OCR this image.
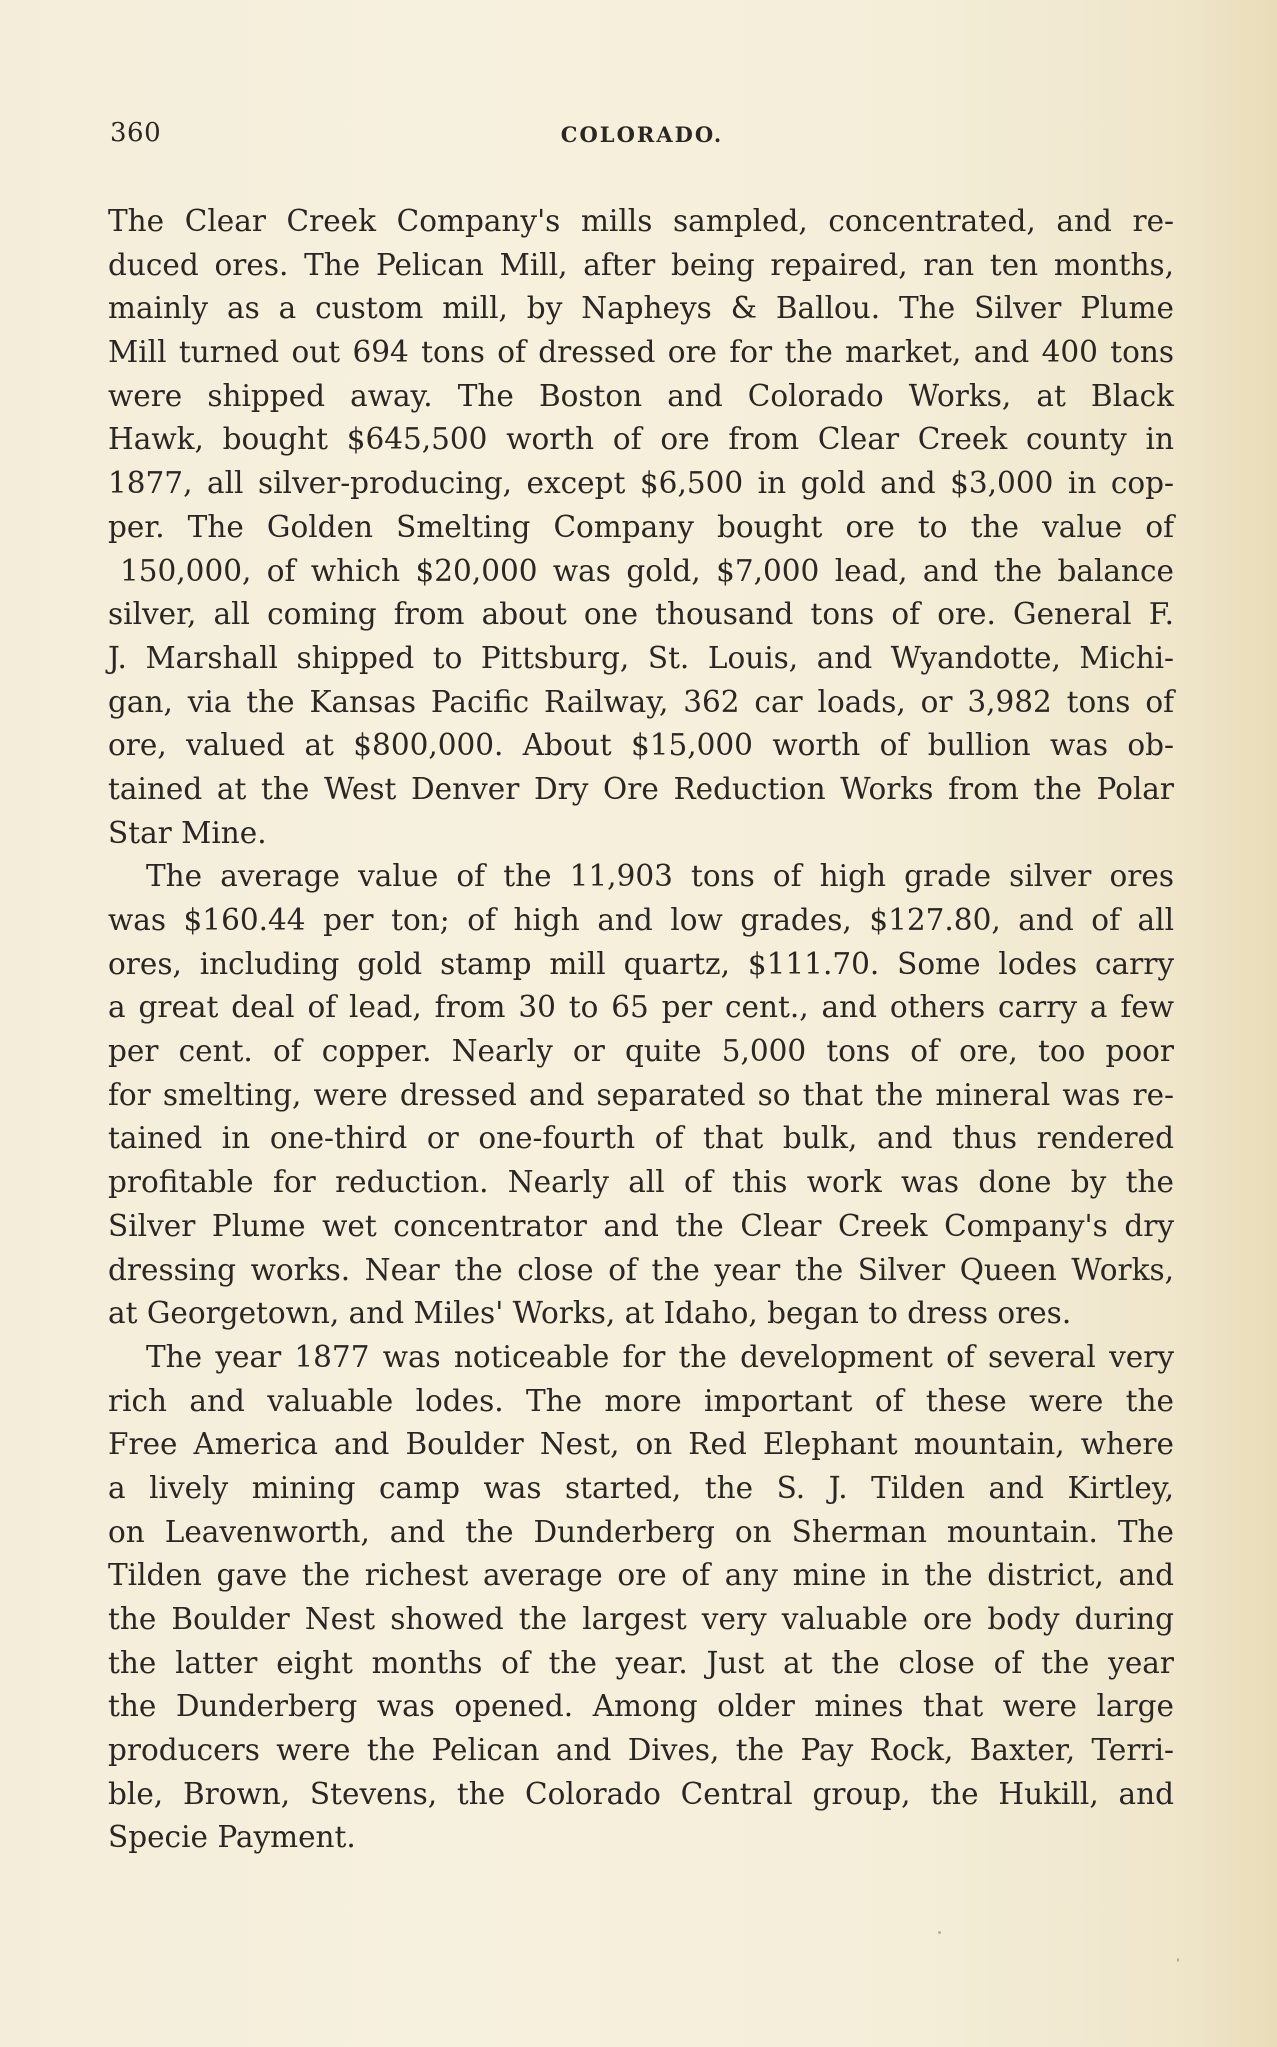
360	COLORADO.
The Clear Creek Company's mills sampled, concentrated, and re-
duced ores. The Pelican Mill, after being repaired, ran ten months,
mainly as a custom mill, by Napheys & Ballou. The Silver Plume
Mill turned out 694 tons of dressed ore for the market, and 400 tons
were shipped away. The Boston and Colorado Works, at Black
Hawk, bought $645,500 worth of ore from Clear Creek county in
1877, all silver-producing, except $6,500 in gold and $3,000 in cop-
per. The Golden Smelting Company bought ore to the value of
150,000, of which $20,000 was gold, $7,000 lead, and the balance
silver, all coming from about one thousand tons of ore. General F.
J. Marshall shipped to Pittsburg, St. Louis, and Wyandotte, Michi-
gan, via the Kansas Pacific Railway, 362 car loads, or 3,982 tons of
ore, valued at $800,000. About $15,000 worth of bullion was ob-
tained at the West Denver Dry Ore Reduction Works from the Polar
Star Mine.
The average value of the 11,903 tons of high grade silver ores
was $160.44 per ton; of high and low grades, $127.80, and of all
ores, including gold stamp mill quartz, $111.70. Some lodes carry
a great deal of lead, from 30 to 65 per cent., and others carry a few
per cent. of copper. Nearly or quite 5,000 tons of ore, too poor
for smelting, were dressed and separated so that the mineral was re-
tained in one-third or one-fourth of that bulk, and thus rendered
profitable for reduction. Nearly all of this work was done by the
Silver Plume wet concentrator and the Clear Creek Company's dry
dressing works. Near the close of the year the Silver Queen Works,
at Georgetown, and Miles' Works, at Idaho, began to dress ores.
The year 1877 was noticeable for the development of several very
rich and valuable lodes. The more important of these were the
Free America and Boulder Nest, on Red Elephant mountain, where
a lively mining camp was started, the S. J. Tilden and Kirtley,
on Leavenworth, and the Dunderberg on Sherman mountain. The
Tilden gave the richest average ore of any mine in the district, and
the Boulder Nest showed the largest very valuable ore body during
the latter eight months of the year. Just at the close of the year
the Dunderberg was opened. Among older mines that were large
producers were the Pelican and Dives, the Pay Rock, Baxter, Terri-
ble, Brown, Stevens, the Colorado Central group, the Hukill, and
Specie Payment.
